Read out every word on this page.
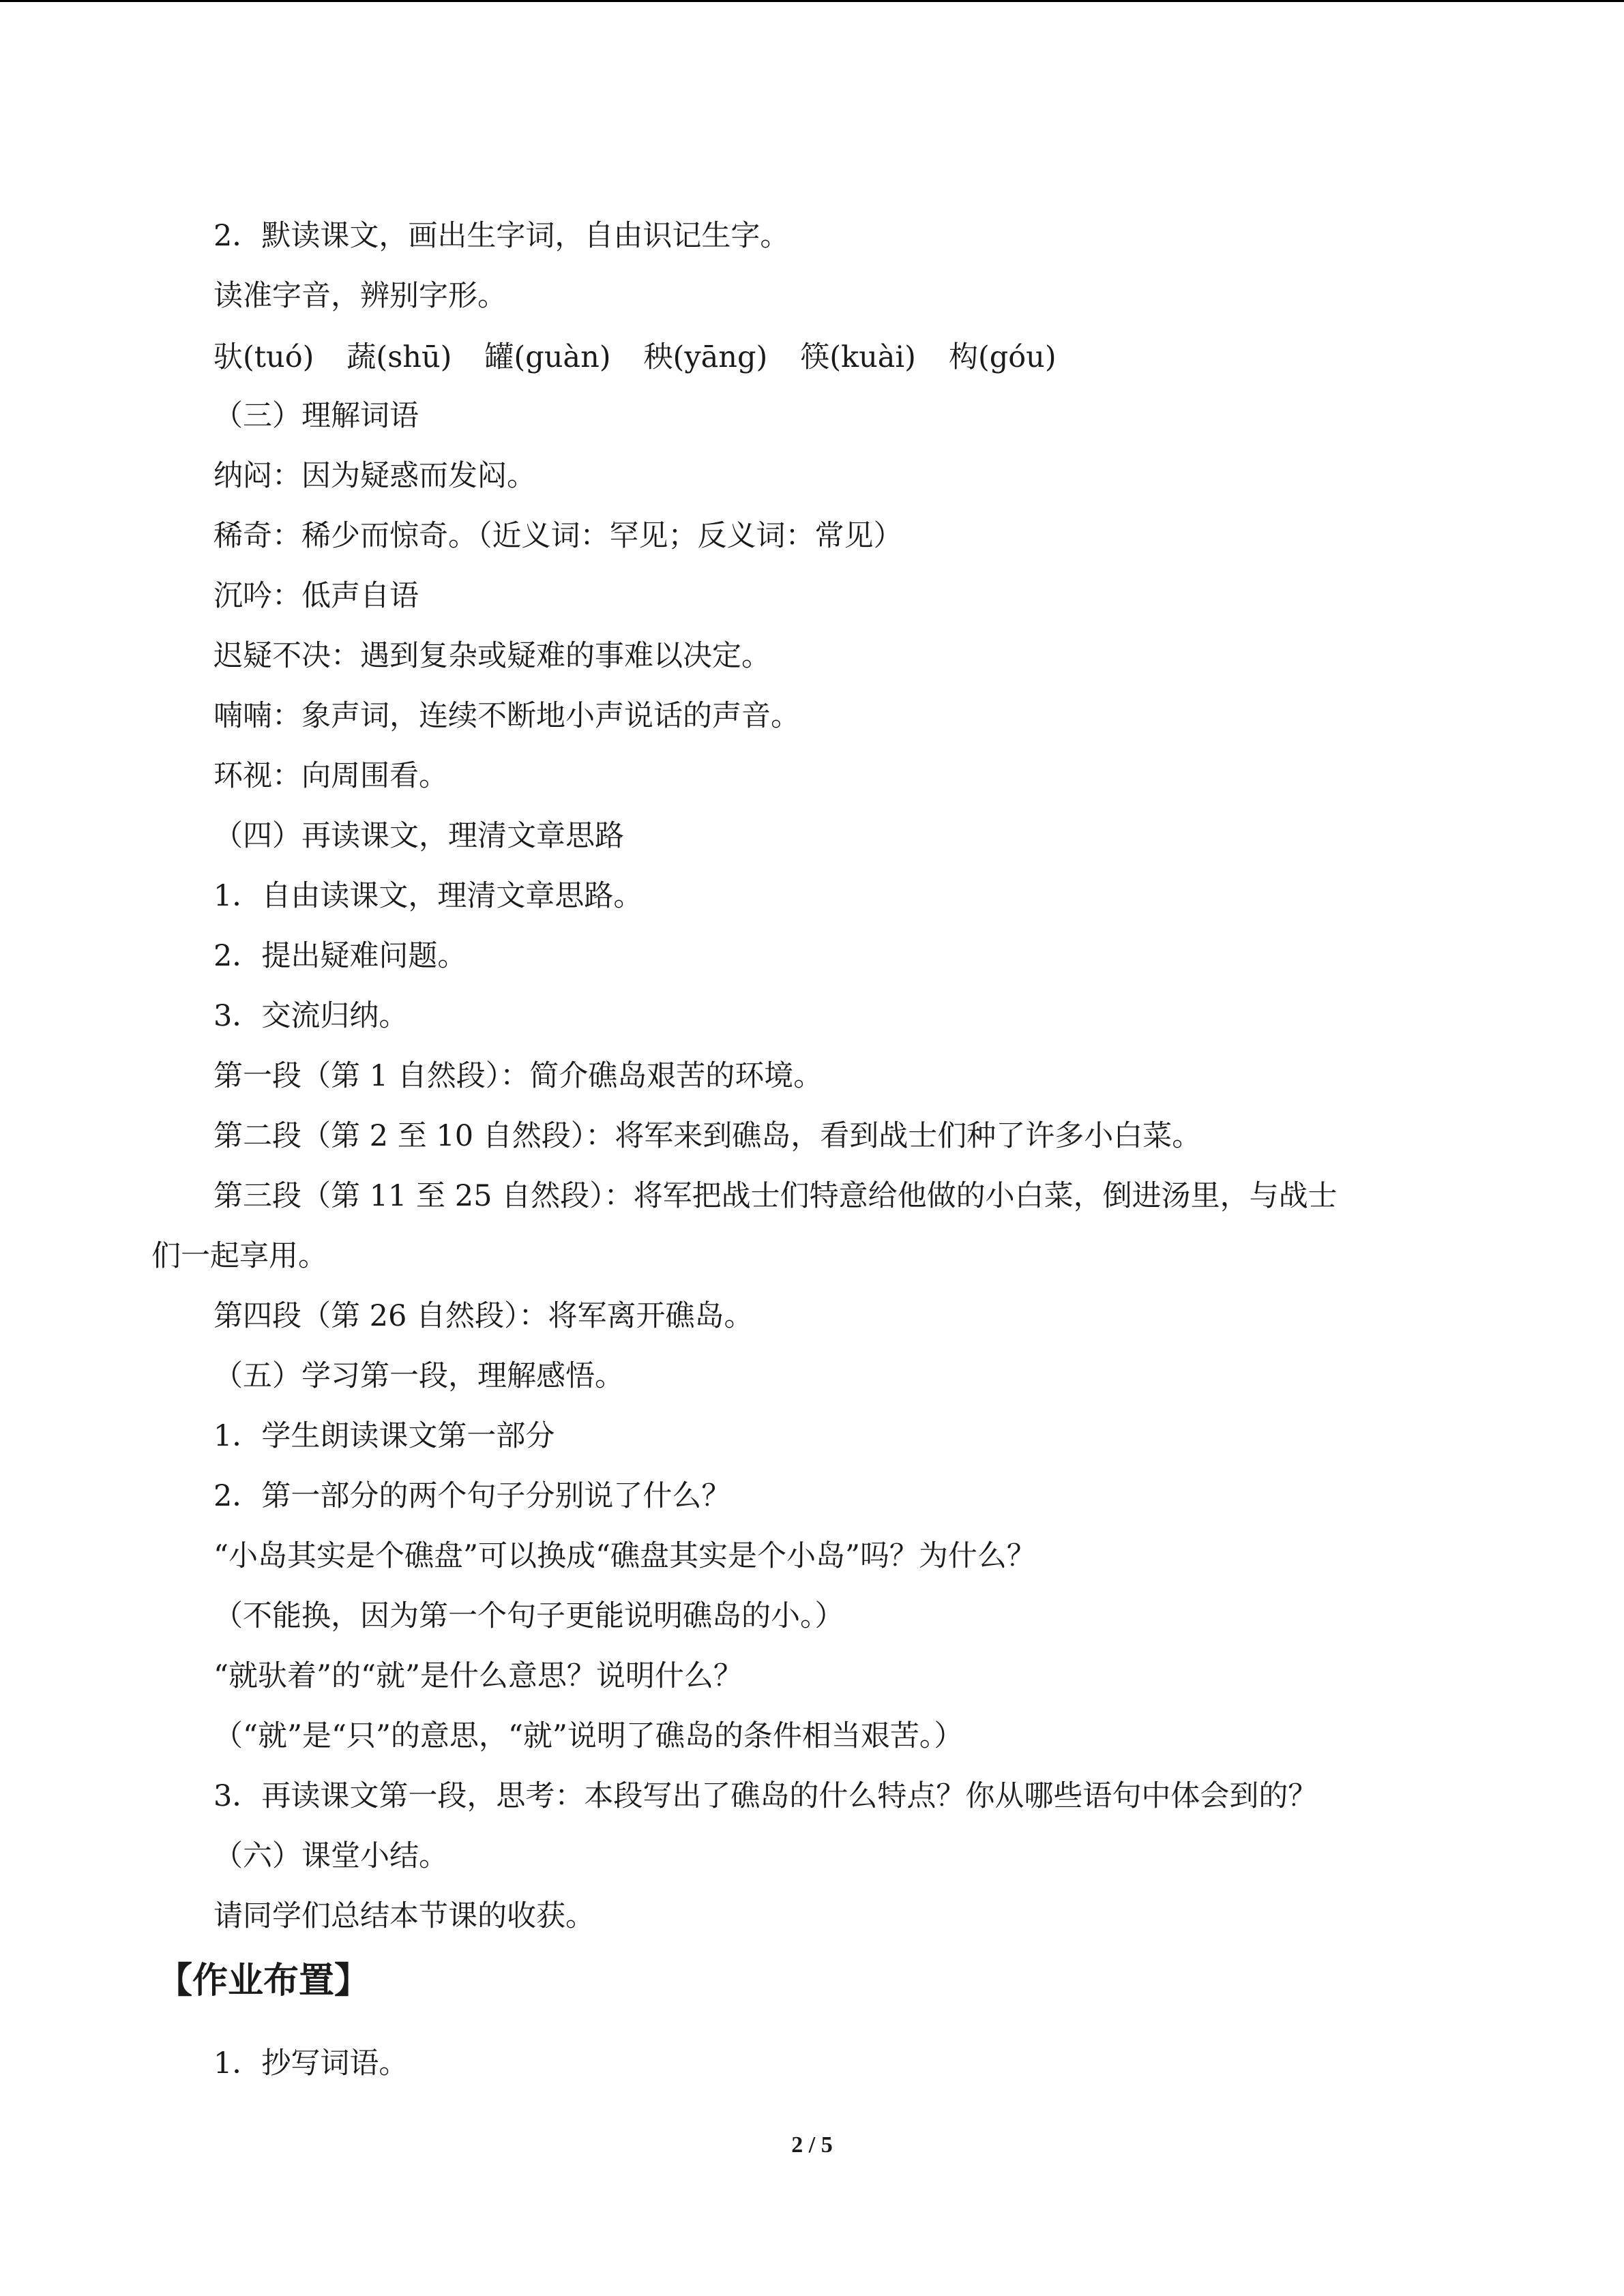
2．默读课文，画出生字词，自由识记生字。
读准字音，辨别字形。
驮(tuó) 蔬(shū) 罐(guàn) 秧(yāng) 筷(kuài) 构(góu)
（三）理解词语
纳闷：因为疑惑而发闷。
稀奇：稀少而惊奇。（近义词：罕见；反义词：常见）
沉吟：低声自语
迟疑不决：遇到复杂或疑难的事难以决定。
喃喃：象声词，连续不断地小声说话的声音。
环视：向周围看。
（四）再读课文，理清文章思路
1．自由读课文，理清文章思路。
2．提出疑难问题。
3．交流归纳。
第一段（第 1 自然段）：简介礁岛艰苦的环境。
第二段（第 2 至 10 自然段）：将军来到礁岛，看到战士们种了许多小白菜。
第三段（第 11 至 25 自然段）：将军把战士们特意给他做的小白菜，倒进汤里，与战士
们一起享用。
第四段（第 26 自然段）：将军离开礁岛。
（五）学习第一段，理解感悟。
1．学生朗读课文第一部分
2．第一部分的两个句子分别说了什么？
“小岛其实是个礁盘”可以换成“礁盘其实是个小岛”吗？为什么？
（不能换，因为第一个句子更能说明礁岛的小。）
“就驮着”的“就”是什么意思？说明什么？
（“就”是“只”的意思，“就”说明了礁岛的条件相当艰苦。）
3．再读课文第一段，思考：本段写出了礁岛的什么特点？你从哪些语句中体会到的？
（六）课堂小结。
请同学们总结本节课的收获。
【作业布置】
1．抄写词语。
2 / 5
